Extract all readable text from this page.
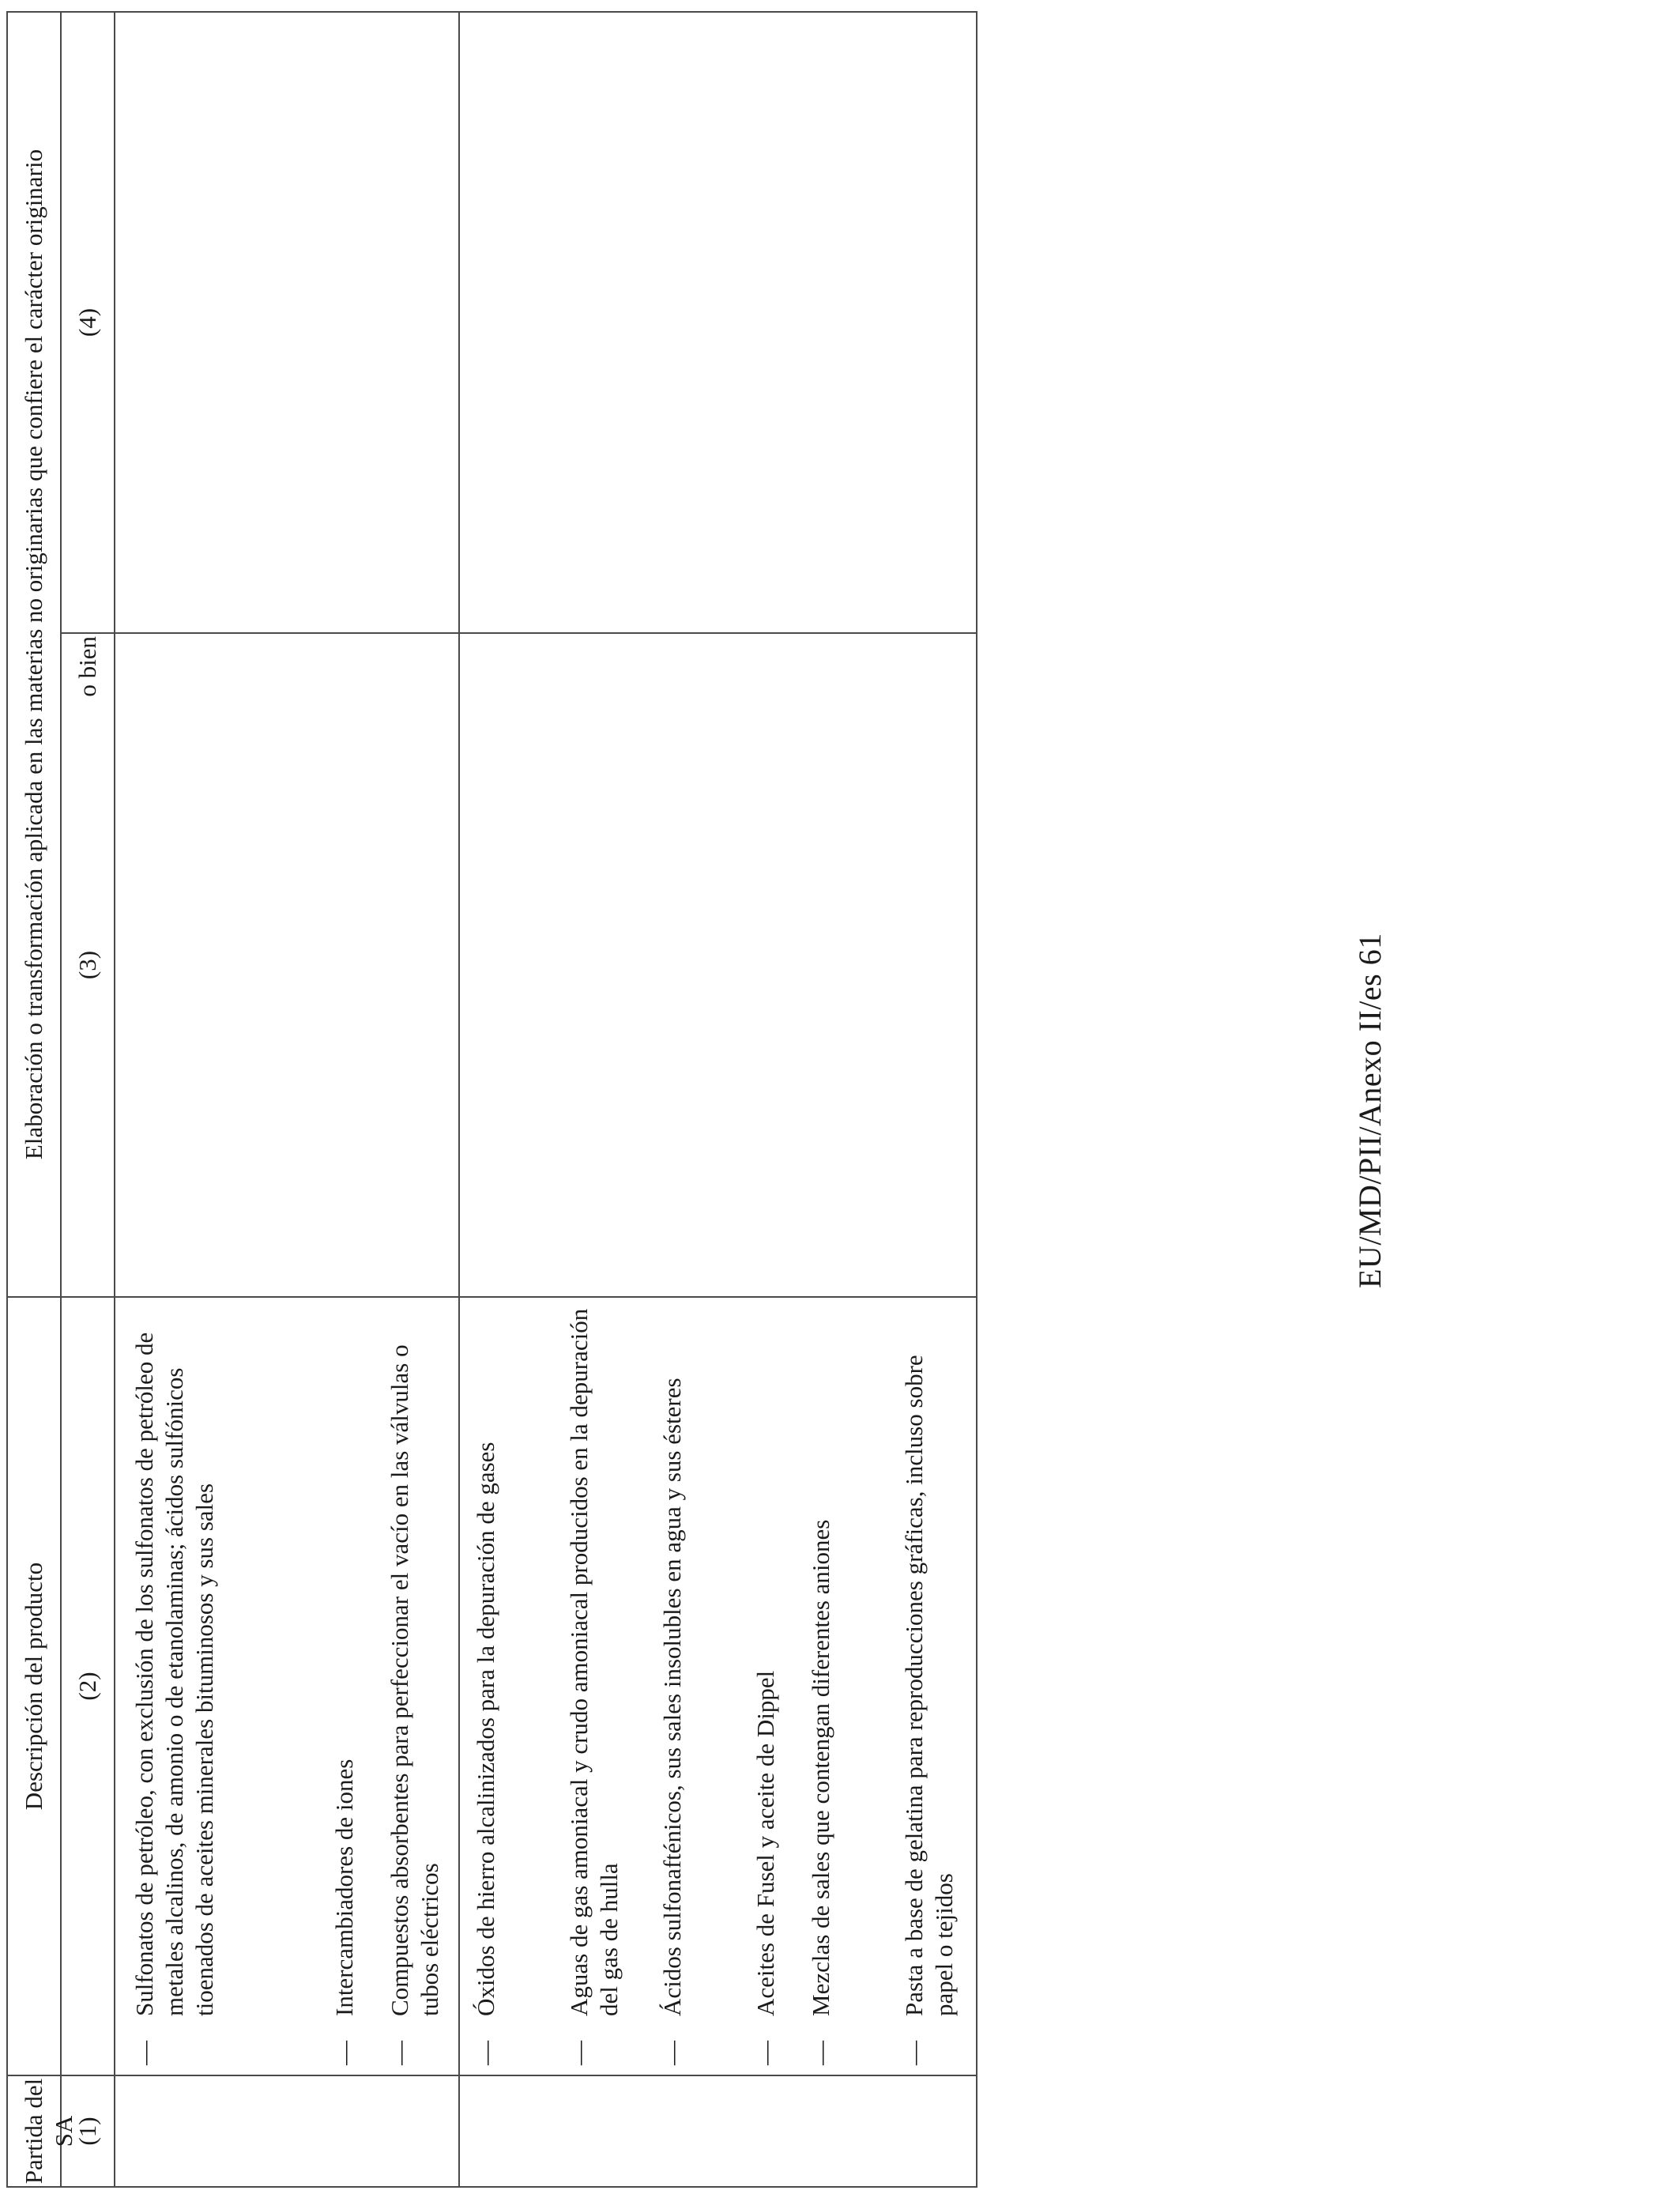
Partida del SA
Descripción del producto
Elaboración o transformación aplicada en las materias no originarias que confiere el carácter originario
(1)
(2)
(3)
o bien
(4)
—
Sulfonatos de petróleo, con exclusión de los sulfonatos de petróleo de metales alcalinos, de amonio o de etanolaminas; ácidos sulfónicos tioenados de aceites minerales bituminosos y sus sales
—
Intercambiadores de iones
—
Compuestos absorbentes para perfeccionar el vacío en las válvulas o tubos eléctricos
—
Óxidos de hierro alcalinizados para la depuración de gases
—
Aguas de gas amoniacal y crudo amoniacal producidos en la depuración del gas de hulla
—
Ácidos sulfonafténicos, sus sales insolubles en agua y sus ésteres
—
Aceites de Fusel y aceite de Dippel
—
Mezclas de sales que contengan diferentes aniones
—
Pasta a base de gelatina para reproducciones gráficas, incluso sobre papel o tejidos
EU/MD/PII/Anexo II/es 61
